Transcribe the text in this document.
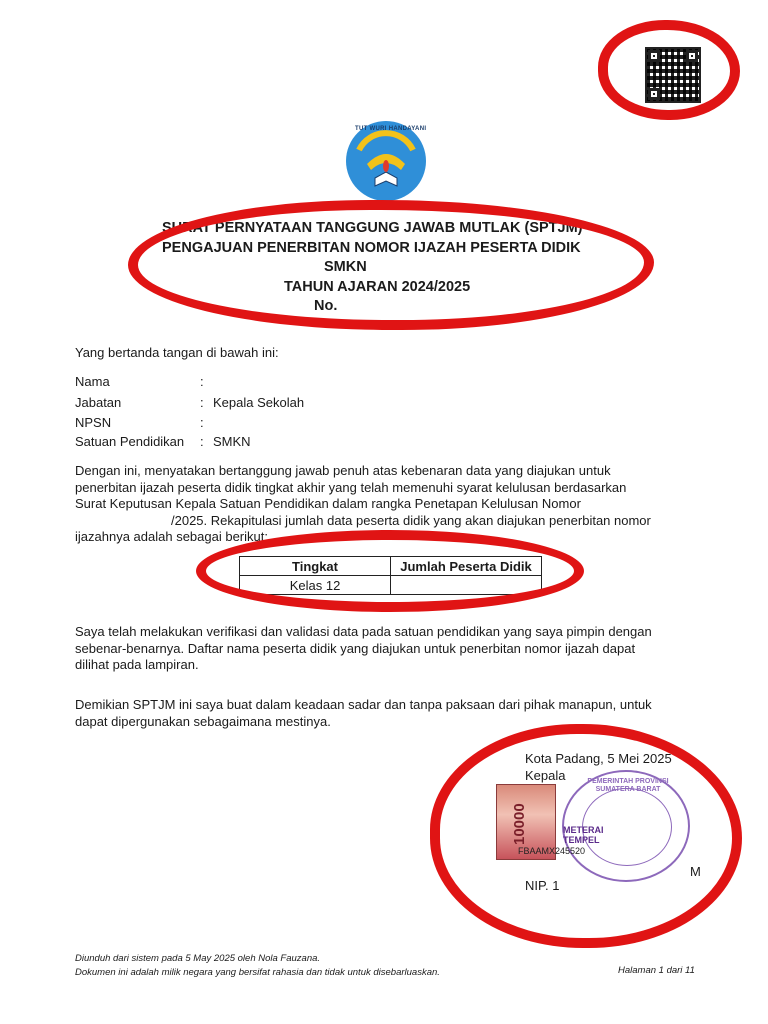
TUT WURI HANDAYANI
SURAT PERNYATAAN TANGGUNG JAWAB MUTLAK (SPTJM)
PENGAJUAN PENERBITAN NOMOR IJAZAH PESERTA DIDIK
SMKN
TAHUN AJARAN 2024/2025
No.
Yang bertanda tangan di bawah ini:
Nama	:
Jabatan	: Kepala Sekolah
NPSN	:
Satuan Pendidikan : SMKN
Dengan ini, menyatakan bertanggung jawab penuh atas kebenaran data yang diajukan untuk
penerbitan ijazah peserta didik tingkat akhir yang telah memenuhi syarat kelulusan berdasarkan
Surat Keputusan Kepala Satuan Pendidikan dalam rangka Penetapan Kelulusan Nomor
/2025. Rekapitulasi jumlah data peserta didik yang akan diajukan penerbitan nomor
ijazahnya adalah sebagai berikut:
Tingkat	Jumlah Peserta Didik
Kelas 12	
Saya telah melakukan verifikasi dan validasi data pada satuan pendidikan yang saya pimpin dengan
sebenar-benarnya. Daftar nama peserta didik yang diajukan untuk penerbitan nomor ijazah dapat
dilihat pada lampiran.
Demikian SPTJM ini saya buat dalam keadaan sadar dan tanpa paksaan dari pihak manapun, untuk
dapat dipergunakan sebagaimana mestinya.
Kota Padang, 5 Mei 2025
Kepala
10000
PEMERINTAH PROVINSI SUMATERA BARAT
METERAI TEMPEL
FBAAMX245520
M
NIP. 1
Diunduh dari sistem pada 5 May 2025 oleh Nola Fauzana.
Dokumen ini adalah milik negara yang bersifat rahasia dan tidak untuk disebarluaskan.	Halaman 1 dari 11
